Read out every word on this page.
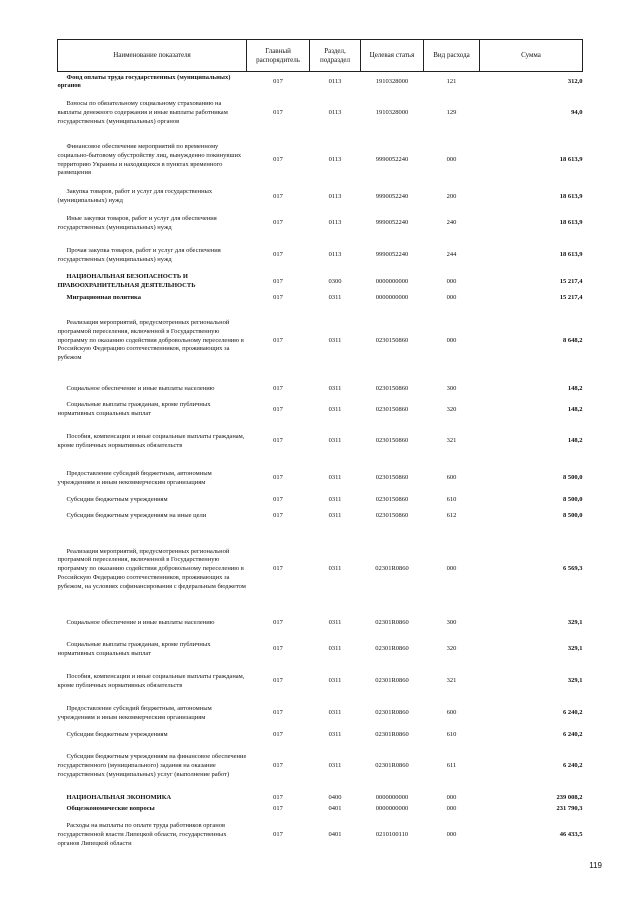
Наименование показателя	Главный распорядитель	Раздел, подраздел	Целевая статья	Вид расхода	Сумма
Фонд оплаты труда государственных (муниципальных) органов	017	0113	1910328000	121	312,0
Взносы по обязательному социальному страхованию на выплаты денежного содержания и иные выплаты работникам государственных (муниципальных) органов	017	0113	1910328000	129	94,0
Финансовое обеспечение мероприятий по временному социально-бытовому обустройству лиц, вынужденно покинувших территорию Украины и находящихся в пунктах временного размещения	017	0113	9990052240	000	18 613,9
Закупка товаров, работ и услуг для государственных (муниципальных) нужд	017	0113	9990052240	200	18 613,9
Иные закупки товаров, работ и услуг для обеспечения государственных (муниципальных) нужд	017	0113	9990052240	240	18 613,9
Прочая закупка товаров, работ и услуг для обеспечения государственных (муниципальных) нужд	017	0113	9990052240	244	18 613,9
НАЦИОНАЛЬНАЯ БЕЗОПАСНОСТЬ И ПРАВООХРАНИТЕЛЬНАЯ ДЕЯТЕЛЬНОСТЬ	017	0300	0000000000	000	15 217,4
Миграционная политика	017	0311	0000000000	000	15 217,4
Реализация мероприятий, предусмотренных региональной программой переселения, включенной в Государственную программу по оказанию содействия добровольному переселению в Российскую Федерацию соотечественников, проживающих за рубежом	017	0311	0230150860	000	8 648,2
Социальное обеспечение и иные выплаты населению	017	0311	0230150860	300	148,2
Социальные выплаты гражданам, кроме публичных нормативных социальных выплат	017	0311	0230150860	320	148,2
Пособия, компенсации и иные социальные выплаты гражданам, кроме публичных нормативных обязательств	017	0311	0230150860	321	148,2
Предоставление субсидий бюджетным, автономным учреждениям и иным некоммерческим организациям	017	0311	0230150860	600	8 500,0
Субсидии бюджетным учреждениям	017	0311	0230150860	610	8 500,0
Субсидии бюджетным учреждениям на иные цели	017	0311	0230150860	612	8 500,0
Реализация мероприятий, предусмотренных региональной программой переселения, включенной в Государственную программу по оказанию содействия добровольному переселению в Российскую Федерацию соотечественников, проживающих за рубежом, на условиях софинансирования с федеральным бюджетом	017	0311	02301R0860	000	6 569,3
Социальное обеспечение и иные выплаты населению	017	0311	02301R0860	300	329,1
Социальные выплаты гражданам, кроме публичных нормативных социальных выплат	017	0311	02301R0860	320	329,1
Пособия, компенсации и иные социальные выплаты гражданам, кроме публичных нормативных обязательств	017	0311	02301R0860	321	329,1
Предоставление субсидий бюджетным, автономным учреждениям и иным некоммерческим организациям	017	0311	02301R0860	600	6 240,2
Субсидии бюджетным учреждениям	017	0311	02301R0860	610	6 240,2
Субсидии бюджетным учреждениям на финансовое обеспечение государственного (муниципального) задания на оказание государственных (муниципальных) услуг (выполнение работ)	017	0311	02301R0860	611	6 240,2
НАЦИОНАЛЬНАЯ ЭКОНОМИКА	017	0400	0000000000	000	239 008,2
Общеэкономические вопросы	017	0401	0000000000	000	231 790,3
Расходы на выплаты по оплате труда работников органов государственной власти Липецкой области, государственных органов Липецкой области	017	0401	0210100110	000	46 433,5
119
